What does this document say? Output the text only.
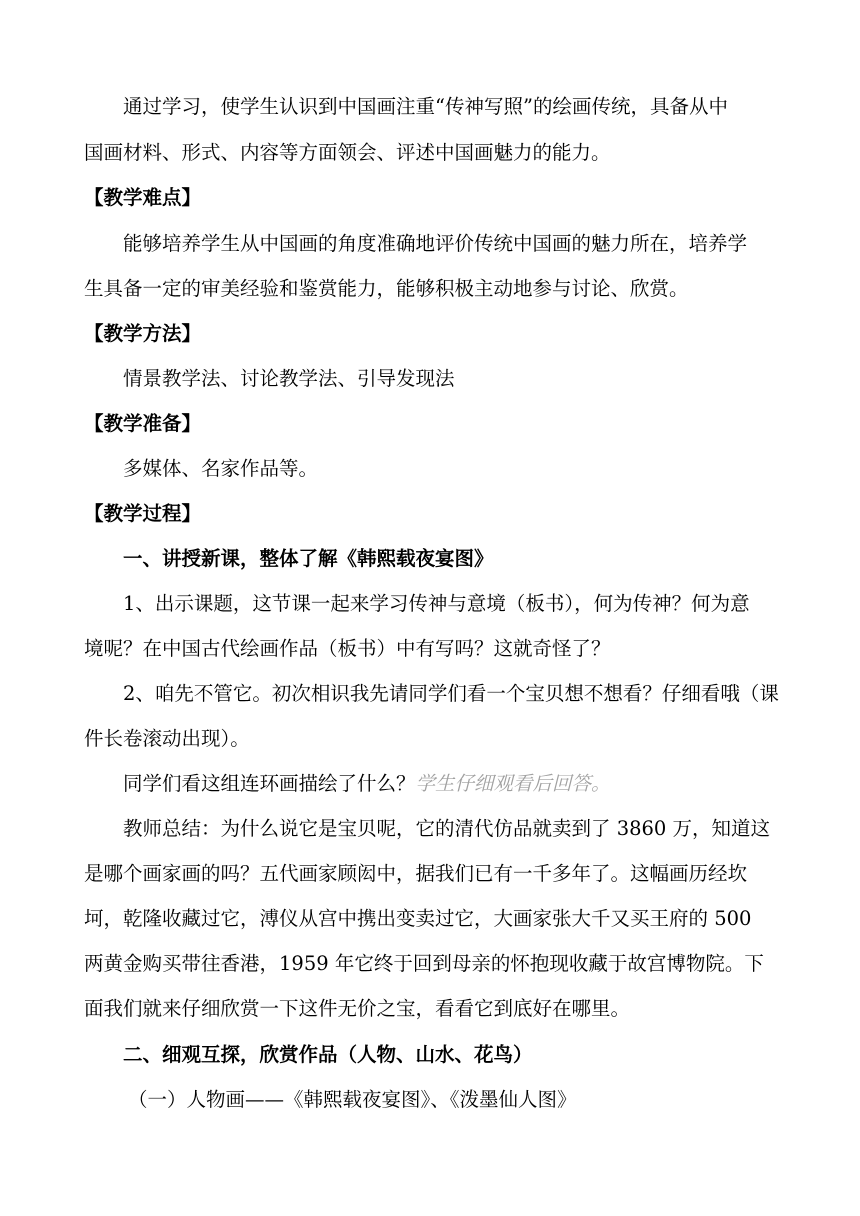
通过学习，使学生认识到中国画注重“传神写照”的绘画传统，具备从中
国画材料、形式、内容等方面领会、评述中国画魅力的能力。
【教学难点】
能够培养学生从中国画的角度准确地评价传统中国画的魅力所在，培养学
生具备一定的审美经验和鉴赏能力，能够积极主动地参与讨论、欣赏。
【教学方法】
情景教学法、讨论教学法、引导发现法
【教学准备】
多媒体、名家作品等。
【教学过程】
一、讲授新课，整体了解《韩熙载夜宴图》
1、出示课题，这节课一起来学习传神与意境（板书），何为传神？何为意
境呢？在中国古代绘画作品（板书）中有写吗？这就奇怪了？
2、咱先不管它。初次相识我先请同学们看一个宝贝想不想看？仔细看哦（课
件长卷滚动出现）。
同学们看这组连环画描绘了什么？学生仔细观看后回答。
教师总结：为什么说它是宝贝呢，它的清代仿品就卖到了 3860 万，知道这
是哪个画家画的吗？五代画家顾闳中，据我们已有一千多年了。这幅画历经坎
坷，乾隆收藏过它，溥仪从宫中携出变卖过它，大画家张大千又买王府的 500
两黄金购买带往香港，1959 年它终于回到母亲的怀抱现收藏于故宫博物院。下
面我们就来仔细欣赏一下这件无价之宝，看看它到底好在哪里。
二、细观互探，欣赏作品（人物、山水、花鸟）
（一）人物画——《韩熙载夜宴图》、《泼墨仙人图》
